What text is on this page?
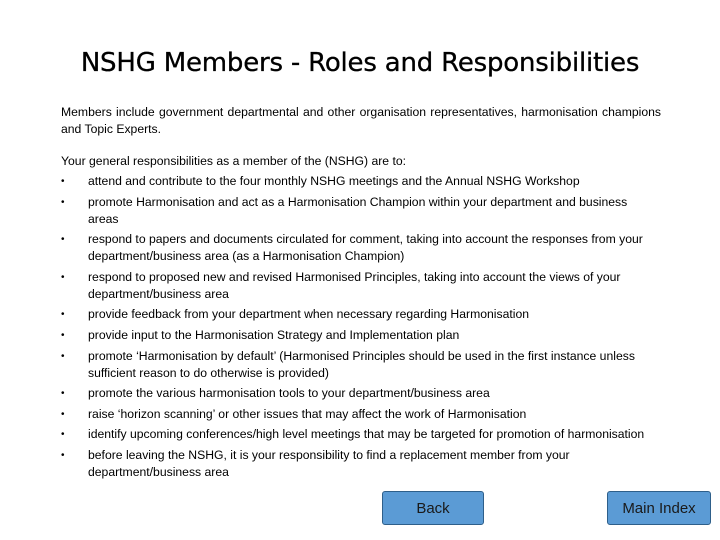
NSHG Members - Roles and Responsibilities

Members include government departmental and other organisation representatives, harmonisation champions and Topic Experts.

Your general responsibilities as a member of the (NSHG) are to:

• attend and contribute to the four monthly NSHG meetings and the Annual NSHG Workshop
• promote Harmonisation and act as a Harmonisation Champion within your department and business areas
• respond to papers and documents circulated for comment, taking into account the responses from your department/business area (as a Harmonisation Champion)
• respond to proposed new and revised Harmonised Principles, taking into account the views of your department/business area
• provide feedback from your department when necessary regarding Harmonisation
• provide input to the Harmonisation Strategy and Implementation plan
• promote ‘Harmonisation by default’ (Harmonised Principles should be used in the first instance unless sufficient reason to do otherwise is provided)
• promote the various harmonisation tools to your department/business area
• raise ‘horizon scanning’ or other issues that may affect the work of Harmonisation
• identify upcoming conferences/high level meetings that may be targeted for promotion of harmonisation
• before leaving the NSHG, it is your responsibility to find a replacement member from your department/business area
Back	Main Index
